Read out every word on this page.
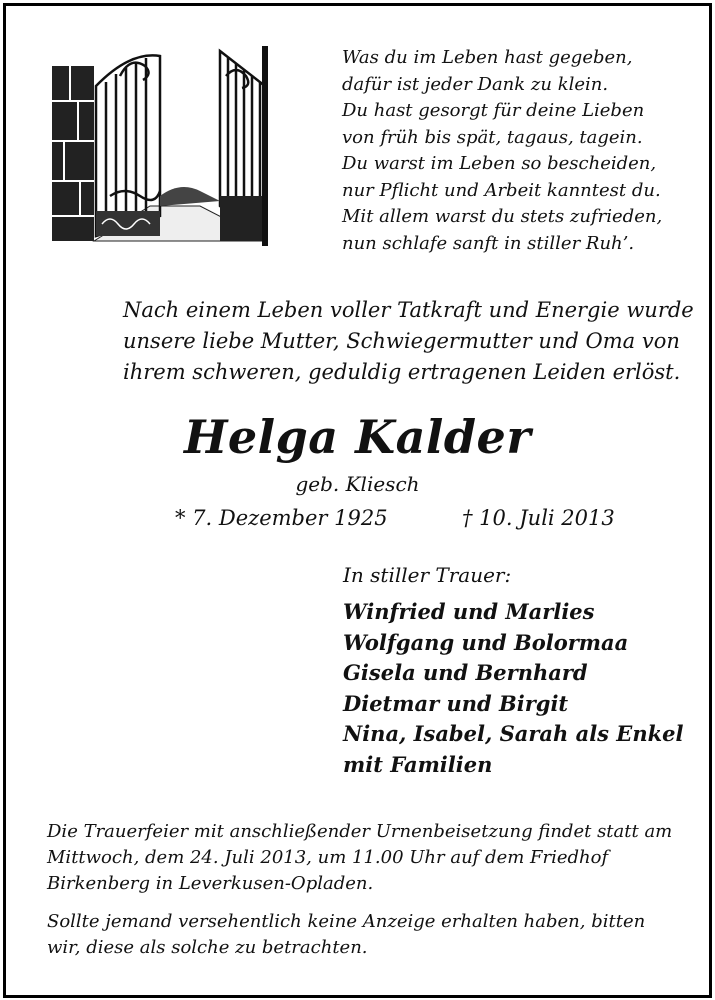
Was du im Leben hast gegeben,
dafür ist jeder Dank zu klein.
Du hast gesorgt für deine Lieben
von früh bis spät, tagaus, tagein.
Du warst im Leben so bescheiden,
nur Pflicht und Arbeit kanntest du.
Mit allem warst du stets zufrieden,
nun schlafe sanft in stiller Ruh’.
Nach einem Leben voller Tatkraft und Energie wurde
unsere liebe Mutter, Schwiegermutter und Oma von
ihrem schweren, geduldig ertragenen Leiden erlöst.
Helga Kalder
geb. Kliesch
* 7. Dezember 1925	† 10. Juli 2013
In stiller Trauer:
Winfried und Marlies
Wolfgang und Bolormaa
Gisela und Bernhard
Dietmar und Birgit
Nina, Isabel, Sarah als Enkel
mit Familien
Die Trauerfeier mit anschließender Urnenbeisetzung findet statt am
Mittwoch, dem 24. Juli 2013, um 11.00 Uhr auf dem Friedhof
Birkenberg in Leverkusen-Opladen.
Sollte jemand versehentlich keine Anzeige erhalten haben, bitten
wir, diese als solche zu betrachten.
